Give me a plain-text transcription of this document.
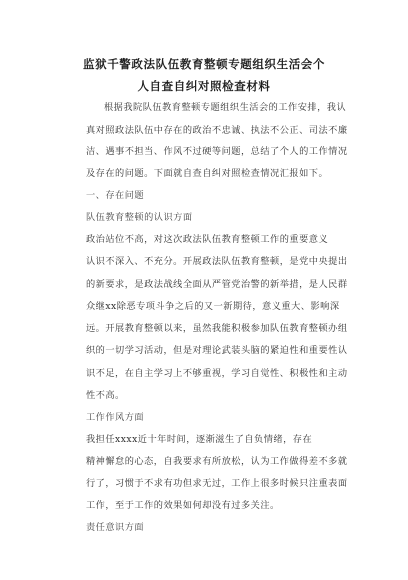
监狱千警政法队伍教育整顿专题组织生活会个
人自查自纠对照检查材料
根据我院队伍教育整顿专题组织生活会的工作安排，我认
真对照政法队伍中存在的政治不忠诚、执法不公正、司法不廉
洁、遇事不担当、作风不过硬等问题，总结了个人的工作情况
及存在的问题。下面就自查自纠对照检查情况汇报如下。
一、存在问题
队伍教育整顿的认识方面
政治站位不高，对这次政法队伍教育整顿工作的重要意义
认识不深入、不充分。开展政法队伍教育整顿，是党中央提出
的新要求，是政法战线全面从严管党治警的新举措，是人民群
众继xx除恶专项斗争之后的又一新期待，意义重大、影响深
远。开展教育整顿以来，虽然我能积极参加队伍教育整顿办组
织的一切学习活动，但是对理论武装头脑的紧迫性和重要性认
识不足，在自主学习上不够重视，学习自觉性、积极性和主动
性不高。
工作作风方面
我担任xxxx近十年时间，逐渐滋生了自负情绪，存在
精神懈怠的心态，自我要求有所放松，认为工作做得差不多就
行了，习惯于不求有功但求无过，工作上很多时候只注重表面
工作，至于工作的效果如何却没有过多关注。
责任意识方面
